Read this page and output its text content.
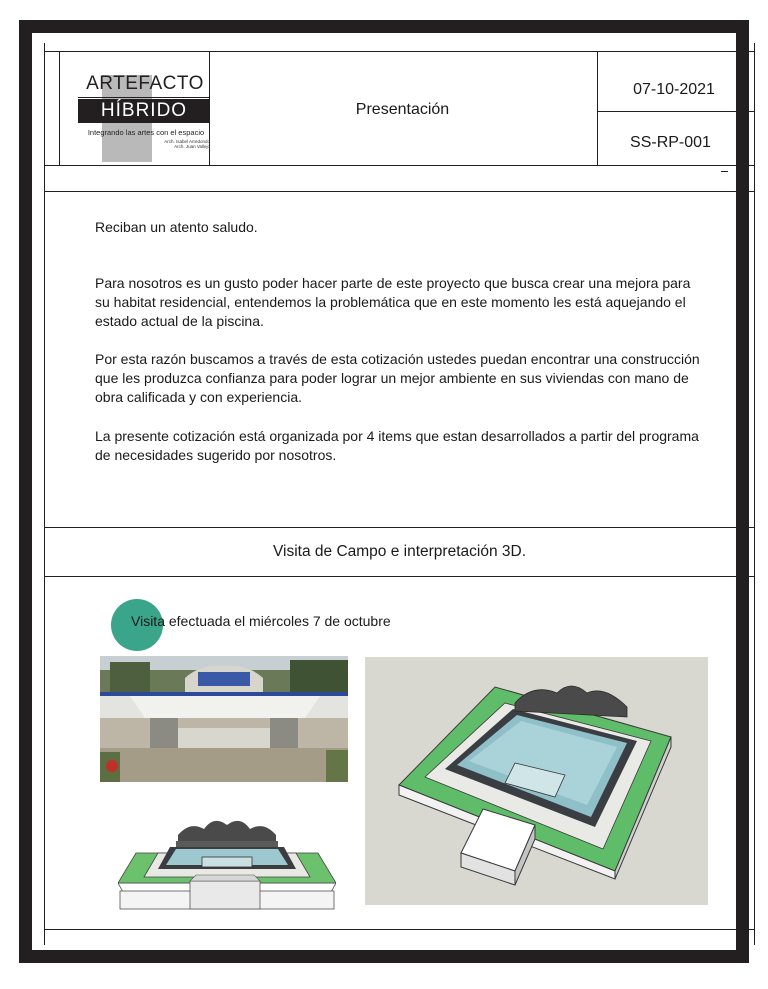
ARTEFACTO
HÍBRIDO
Integrando las artes con el espacio
Arch. Isabel Arredondo
Arch. Juan Vallejo
Presentación
07-10-2021
SS-RP-001

Reciban un atento saludo.

Para nosotros es un gusto poder hacer parte de este proyecto que busca crear una mejora para su habitat residencial, entendemos la problemática que en este momento les está aquejando el estado actual de la piscina.

Por esta razón buscamos a través de esta cotización ustedes puedan encontrar una construcción que les produzca confianza para poder lograr un mejor ambiente en sus viviendas con mano de obra calificada y con experiencia.

La presente cotización está organizada por 4 items que estan desarrollados a partir del programa de necesidades sugerido por nosotros.

Visita de Campo e interpretación 3D.
Visita efectuada el miércoles 7 de octubre
